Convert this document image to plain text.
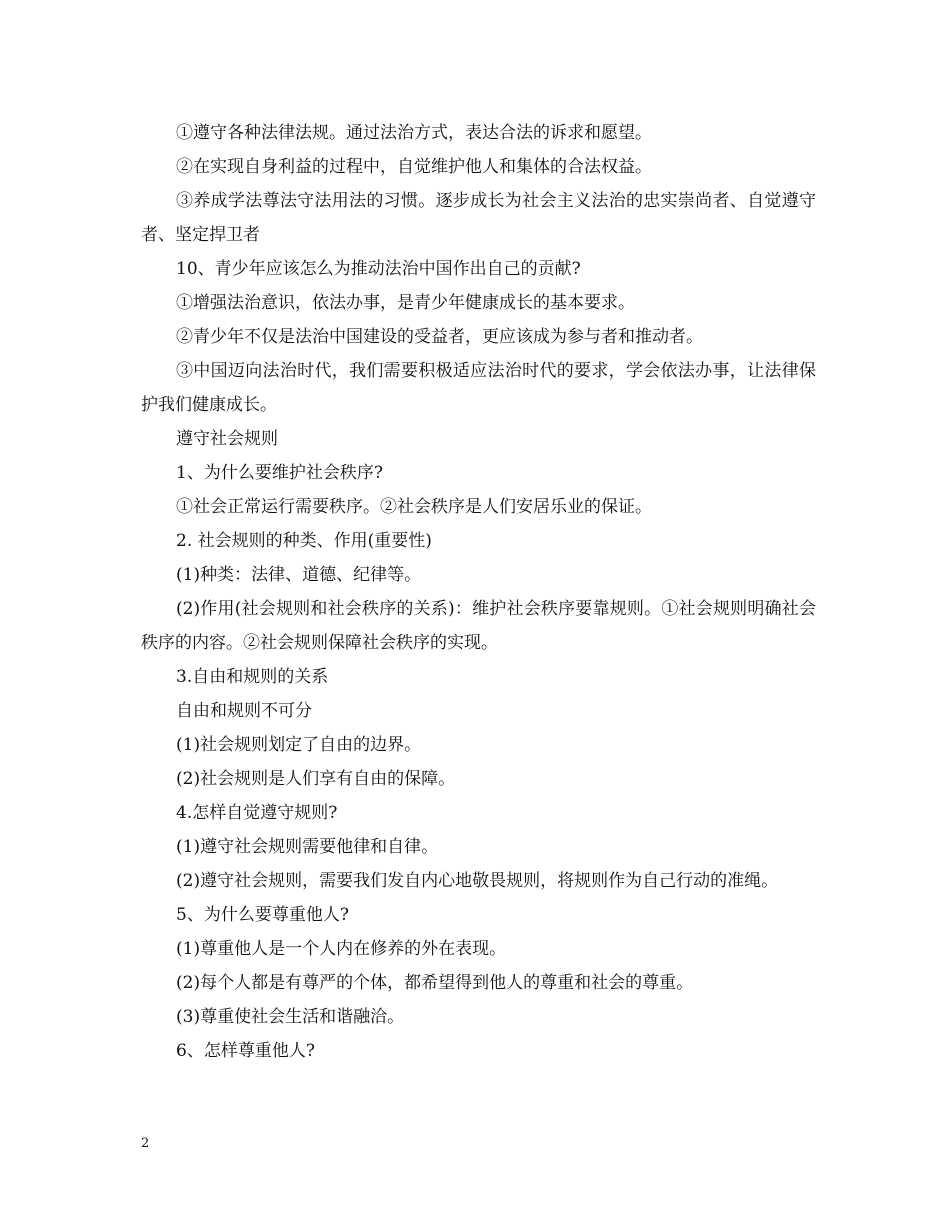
①遵守各种法律法规。通过法治方式，表达合法的诉求和愿望。

②在实现自身利益的过程中，自觉维护他人和集体的合法权益。

③养成学法尊法守法用法的习惯。逐步成长为社会主义法治的忠实崇尚者、自觉遵守者、坚定捍卫者

10、青少年应该怎么为推动法治中国作出自己的贡献?

①增强法治意识，依法办事，是青少年健康成长的基本要求。

②青少年不仅是法治中国建设的受益者，更应该成为参与者和推动者。

③中国迈向法治时代，我们需要积极适应法治时代的要求，学会依法办事，让法律保护我们健康成长。

遵守社会规则

1、为什么要维护社会秩序?

①社会正常运行需要秩序。②社会秩序是人们安居乐业的保证。

2. 社会规则的种类、作用(重要性)

(1)种类：法律、道德、纪律等。

(2)作用(社会规则和社会秩序的关系)：维护社会秩序要靠规则。①社会规则明确社会秩序的内容。②社会规则保障社会秩序的实现。

3.自由和规则的关系

自由和规则不可分

(1)社会规则划定了自由的边界。

(2)社会规则是人们享有自由的保障。

4.怎样自觉遵守规则?

(1)遵守社会规则需要他律和自律。

(2)遵守社会规则，需要我们发自内心地敬畏规则，将规则作为自己行动的准绳。

5、为什么要尊重他人?

(1)尊重他人是一个人内在修养的外在表现。

(2)每个人都是有尊严的个体，都希望得到他人的尊重和社会的尊重。

(3)尊重使社会生活和谐融洽。

6、怎样尊重他人?

2
